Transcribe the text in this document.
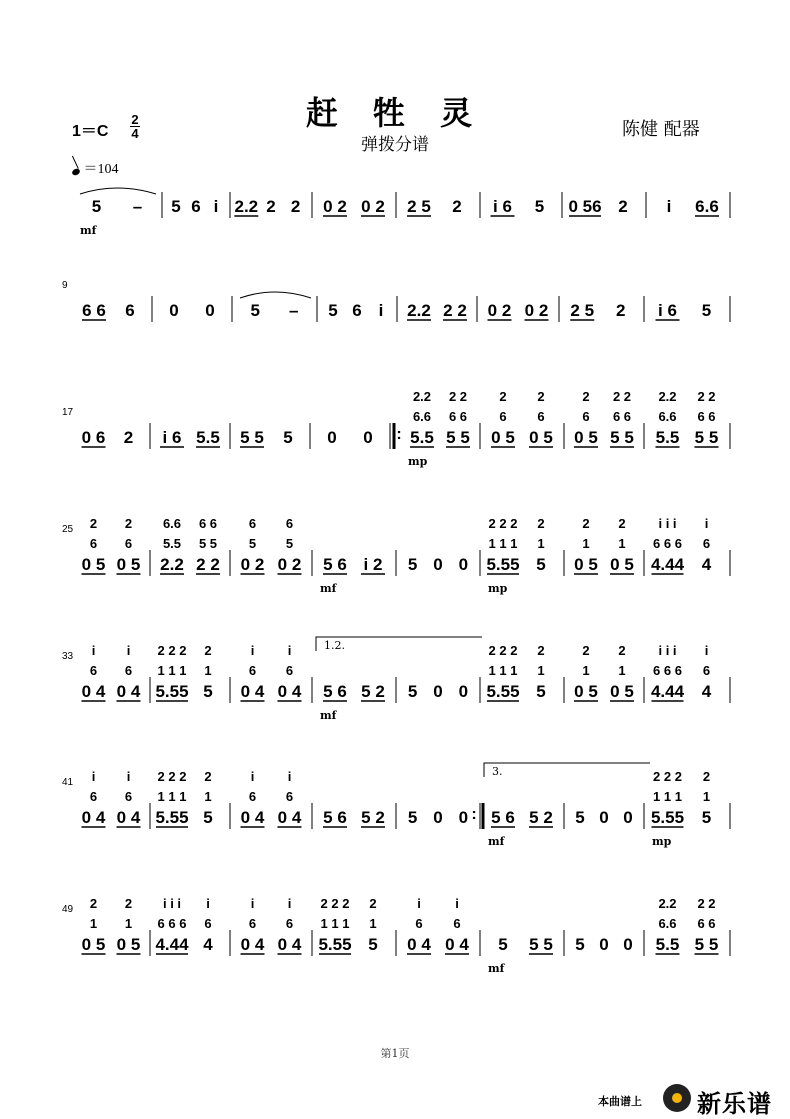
赶 牲 灵
弹拨分谱
陈健 配器
1＝C
2
4
＝104
5 –
mf
5 6 i 2.2 2 2 0 2 0 2 2 5 2 i 6 5 0 56 2 i 6.6
9
6 6 6 0 0 5 – 5 6 i 2.2 2 2 0 2 0 2 2 5 2 i 6 5
17
0 6 2 i 6 5.5 5 5 5 0 0 5.5 5 5
6.6 6 6
2.2 2 2
mp
:	0 5 0 5
6 6
2 2
0 5 5 5
6 6 6
2 2 2
5.5 5 5
6.6 6 6
2.2 2 2
25
0 5 0 5
6 6
2 2
2.2 2 2
5.5 5 5
6.6 6 6
0 2 0 2
5 5
6 6
5 6 i 2
mf
5 0 0 5.55 5
1 1 1 1
2 2 2 2
mp
0 5 0 5
1 1
2 2
4.44 4
6 6 6 6
i i i i
33
0 4 0 4
6 6
i i
5.55 5
1 1 1 1
2 2 2 2
0 4 0 4
6 6
i	i
5 6 5 2
mf
1.2.
5 0 0 5.55 5
1 1 1 1
2 2 2 2
0 5 0 5
1 1
2 2
4.44 4
6 6 6 6
i i i i
41
0 4 0 4
6 6
i i
5.55 5
1 1 1 1
2 2 2 2
0 4 0 4
6 6
i	i
5 6 5 2 5 0 0 : 5 6 5 2
mf
3.
5 0 0 5.55 5
1 1 1 1
2 2 2 2
mp
49
0 5 0 5
1 1
2 2
4.44 4
6 6 6 6
i i i i
0 4 0 4
6 6
i	i
5.55 5
1 1 1 1
2 2 2 2
0 4 0 4
6 6
i	i
5 5 5
mf
5 0 0 5.5 5 5
6.6 6 6
2.2 2 2
第1页
本曲谱上 新乐谱
